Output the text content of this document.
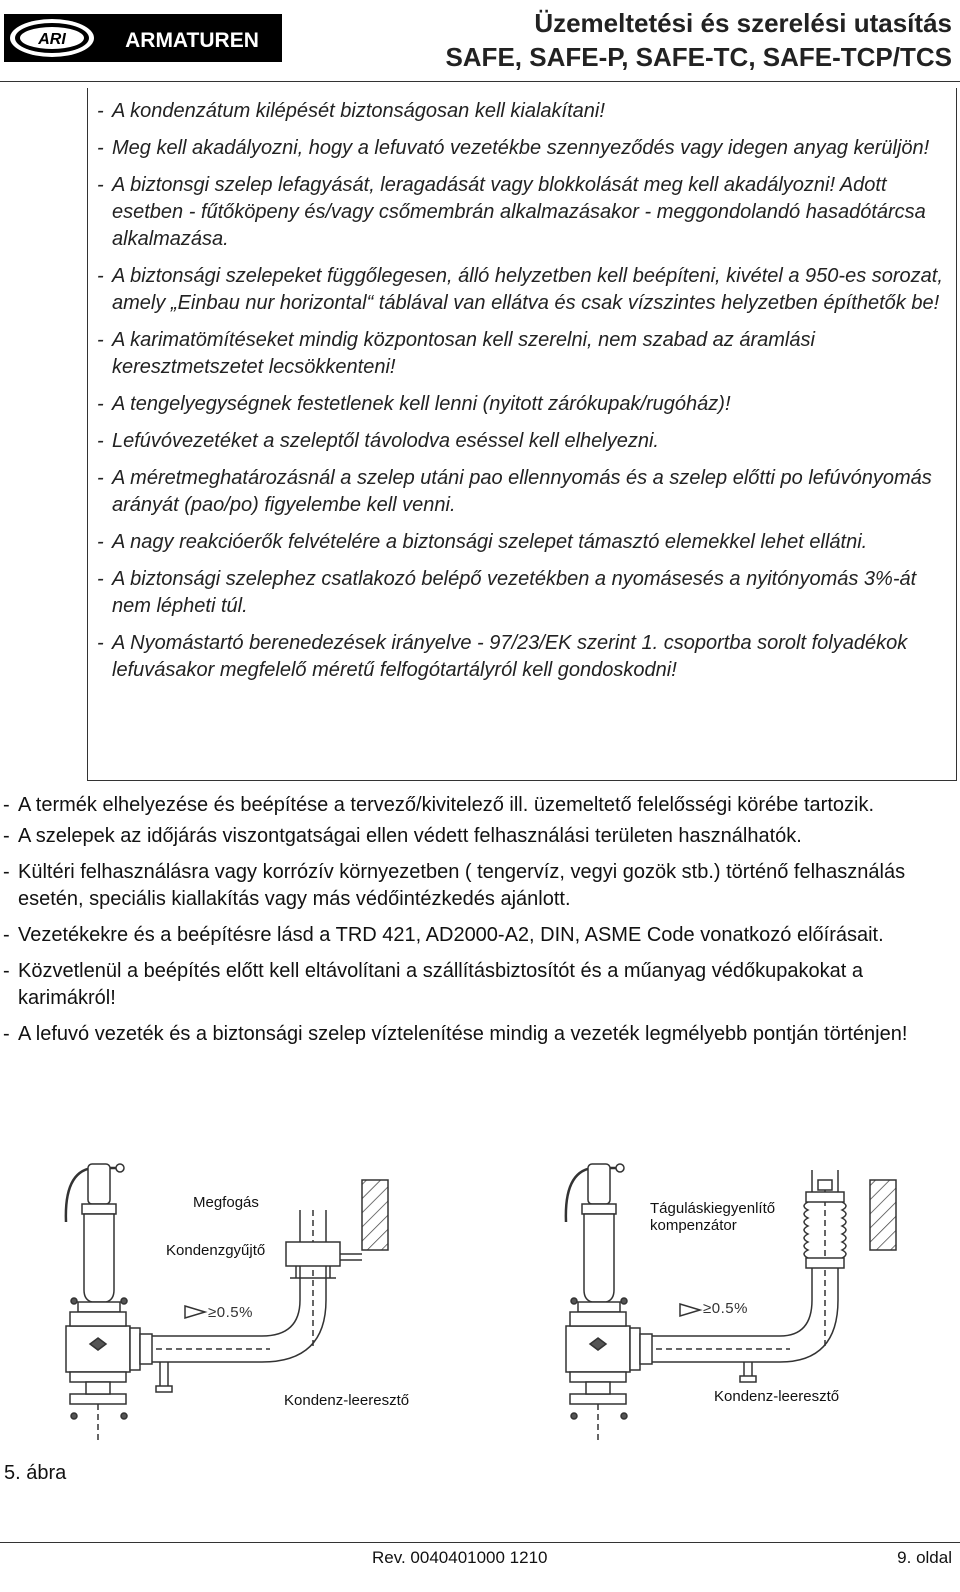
ARI	ARMATUREN
Üzemeltetési és szerelési utasítás
SAFE, SAFE-P, SAFE-TC, SAFE-TCP/TCS
- A kondenzátum kilépését biztonságosan kell kialakítani!
- Meg kell akadályozni, hogy a lefuvató vezetékbe szennyeződés vagy idegen anyag kerüljön!
- A biztonsgi szelep lefagyását, leragadását vagy blokkolását meg kell akadályozni! Adott esetben - fűtőköpeny és/vagy csőmembrán alkalmazásakor - meggondolandó hasadótárcsa alkalmazása.
- A biztonsági szelepeket függőlegesen, álló helyzetben kell beépíteni, kivétel a 950-es sorozat, amely „Einbau nur horizontal“ táblával van ellátva és csak vízszintes helyzetben építhetők be!
- A karimatömítéseket mindig központosan kell szerelni, nem szabad az áramlási keresztmetszetet lecsökkenteni!
- A tengelyegységnek festetlenek kell lenni (nyitott zárókupak/rugóház)!
- Lefúvóvezetéket a szeleptől távolodva eséssel kell elhelyezni.
- A méretmeghatározásnál a szelep utáni pao ellennyomás és a szelep előtti po lefúvónyomás arányát (pao/po) figyelembe kell venni.
- A nagy reakcióerők felvételére a biztonsági szelepet támasztó elemekkel lehet ellátni.
- A biztonsági szelephez csatlakozó belépő vezetékben a nyomásesés a nyitónyomás 3%-át nem lépheti túl.
- A Nyomástartó berenedezések irányelve - 97/23/EK szerint 1. csoportba sorolt folyadékok lefuvásakor megfelelő méretű felfogótartályról kell gondoskodni!
- A termék elhelyezése és beépítése a tervező/kivitelező ill. üzemeltető felelősségi körébe tartozik.
- A szelepek az időjárás viszontgatságai ellen védett felhasználási területen használhatók.
- Kültéri felhasználásra vagy korrózív környezetben ( tengervíz, vegyi gozök stb.) történő felhasználás esetén, speciális kiallakítás vagy más védőintézkedés ajánlott.
- Vezetékekre és a beépítésre lásd a TRD 421, AD2000-A2, DIN, ASME Code vonatkozó előírásait.
- Közvetlenül a beépítés előtt kell eltávolítani a szállításbiztosítót és a műanyag védőkupakokat a karimákról!
- A lefuvó vezeték és a biztonsági szelep víztelenítése mindig a vezeték legmélyebb pontján történjen!
Megfogás
Kondenzgyűjtő
Kondenz-leeresztő
≥0.5%
Táguláskiegyenlítő kompenzátor
Kondenz-leeresztő
≥0.5%
5. ábra
Rev. 0040401000 1210	9. oldal
